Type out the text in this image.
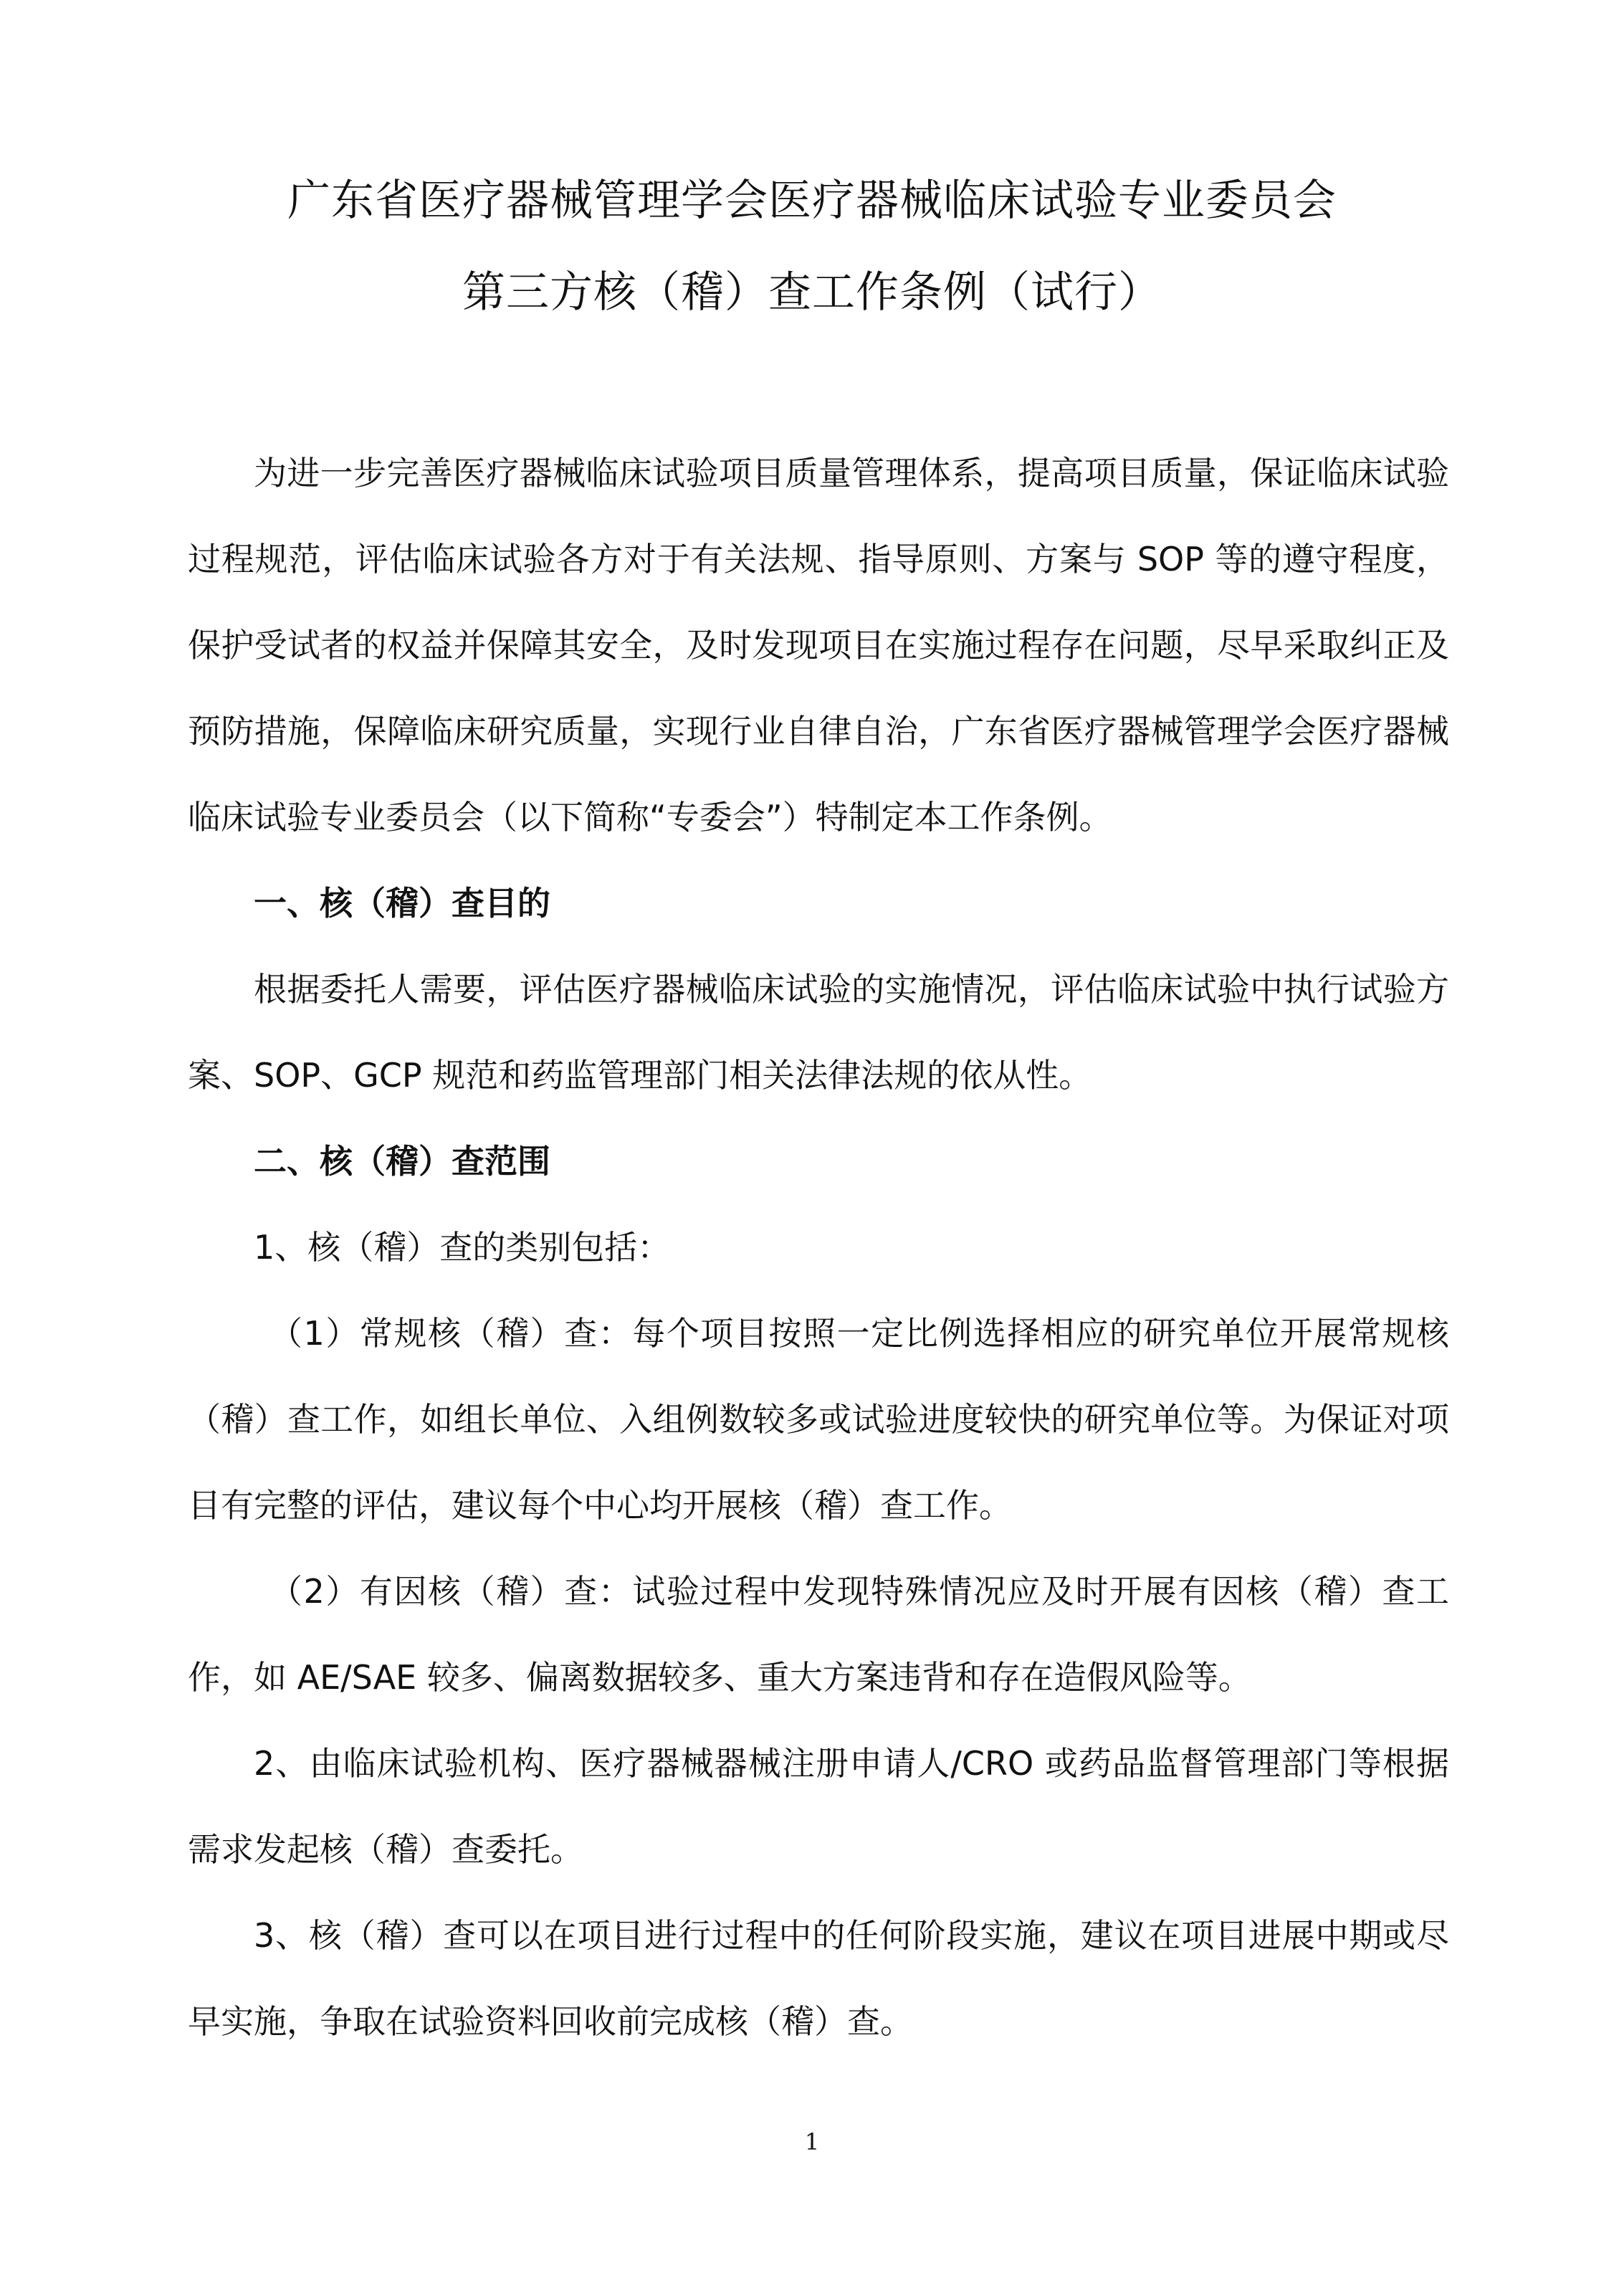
广东省医疗器械管理学会医疗器械临床试验专业委员会
第三方核（稽）查工作条例（试行）

为进一步完善医疗器械临床试验项目质量管理体系，提高项目质量，保证临床试验过程规范，评估临床试验各方对于有关法规、指导原则、方案与 SOP 等的遵守程度，保护受试者的权益并保障其安全，及时发现项目在实施过程存在问题，尽早采取纠正及预防措施，保障临床研究质量，实现行业自律自治，广东省医疗器械管理学会医疗器械临床试验专业委员会（以下简称“专委会”）特制定本工作条例。

一、核（稽）查目的

根据委托人需要，评估医疗器械临床试验的实施情况，评估临床试验中执行试验方案、SOP、GCP 规范和药监管理部门相关法律法规的依从性。

二、核（稽）查范围

1、核（稽）查的类别包括：

（1）常规核（稽）查：每个项目按照一定比例选择相应的研究单位开展常规核（稽）查工作，如组长单位、入组例数较多或试验进度较快的研究单位等。为保证对项目有完整的评估，建议每个中心均开展核（稽）查工作。

（2）有因核（稽）查：试验过程中发现特殊情况应及时开展有因核（稽）查工作，如 AE/SAE 较多、偏离数据较多、重大方案违背和存在造假风险等。

2、由临床试验机构、医疗器械器械注册申请人/CRO 或药品监督管理部门等根据需求发起核（稽）查委托。

3、核（稽）查可以在项目进行过程中的任何阶段实施，建议在项目进展中期或尽早实施，争取在试验资料回收前完成核（稽）查。

1
